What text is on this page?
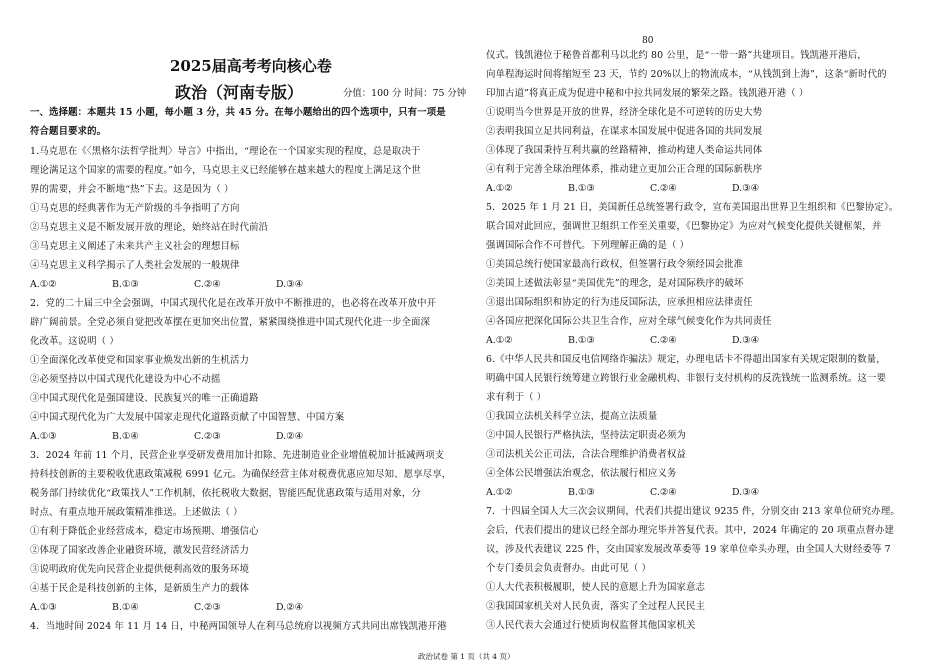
2025届高考考向核心卷
政治（河南专版）	分值：100 分 时间：75 分钟
一、选择题：本题共 15 小题，每小题 3 分，共 45 分。在每小题给出的四个选项中，只有一项是
符合题目要求的。
1.马克思在《〈黑格尔法哲学批判〉导言》中指出，“理论在一个国家实现的程度，总是取决于
理论满足这个国家的需要的程度。”如今，马克思主义已经能够在越来越大的程度上满足这个世
界的需要，并会不断地“热”下去。这是因为（ ）
①马克思的经典著作为无产阶级的斗争指明了方向
②马克思主义是不断发展开放的理论，始终站在时代前沿
③马克思主义阐述了未来共产主义社会的理想目标
④马克思主义科学揭示了人类社会发展的一般规律
A.①②	B.①③	C.②④	D.③④
2．党的二十届三中全会强调，中国式现代化是在改革开放中不断推进的，也必将在改革开放中开
辟广阔前景。全党必须自觉把改革摆在更加突出位置，紧紧围绕推进中国式现代化进一步全面深
化改革。这说明（ ）
①全面深化改革使党和国家事业焕发出新的生机活力
②必须坚持以中国式现代化建设为中心不动摇
③中国式现代化是强国建设、民族复兴的唯一正确道路
④中国式现代化为广大发展中国家走现代化道路贡献了中国智慧、中国方案
A.①③	B.①④	C.②③	D.②④
3．2024 年前 11 个月，民营企业享受研发费用加计扣除、先进制造业企业增值税加计抵减两项支
持科技创新的主要税收优惠政策减税 6991 亿元。为确保经营主体对税费优惠应知尽知、愿享尽享，
税务部门持续优化“政策找人”工作机制，依托税收大数据，智能匹配优惠政策与适用对象，分
时点、有重点地开展政策精准推送。上述做法（ ）
①有利于降低企业经营成本，稳定市场预期、增强信心
②体现了国家改善企业融资环境，激发民营经济活力
③说明政府优先向民营企业提供便利高效的服务环境
④基于民企是科技创新的主体，是新质生产力的载体
A.①③	B.①④	C.②③	D.②④
4．当地时间 2024 年 11 月 14 日，中秘两国领导人在利马总统府以视频方式共同出席钱凯港开港
80
仪式。钱凯港位于秘鲁首都利马以北约 80 公里，是“一带一路”共建项目。钱凯港开港后，
向单程海运时间将缩短至 23 天，节约 20%以上的物流成本，“从钱凯到上海”，这条“新时代的
印加古道”将真正成为促进中秘和中拉共同发展的繁荣之路。钱凯港开港（ ）
①说明当今世界是开放的世界，经济全球化是不可逆转的历史大势
②表明我国立足共同利益，在谋求本国发展中促进各国的共同发展
③体现了我国秉持互利共赢的丝路精神，推动构建人类命运共同体
④有利于完善全球治理体系，推动建立更加公正合理的国际新秩序
A.①②	B.①③	C.②④	D.③④
5．2025 年 1 月 21 日，美国新任总统签署行政令，宣布美国退出世界卫生组织和《巴黎协定》。
联合国对此回应，强调世卫组织工作至关重要，《巴黎协定》为应对气候变化提供关键框架，并
强调国际合作不可替代。下列理解正确的是（ ）
①美国总统行使国家最高行政权，但签署行政令须经国会批准
②美国上述做法彰显“美国优先”的理念，是对国际秩序的破坏
③退出国际组织和协定的行为违反国际法，应承担相应法律责任
④各国应把深化国际公共卫生合作，应对全球气候变化作为共同责任
A.①②	B.①③	C.②④	D.③④
6.《中华人民共和国反电信网络诈骗法》规定，办理电话卡不得超出国家有关规定限制的数量，
明确中国人民银行统筹建立跨银行业金融机构、非银行支付机构的反洗钱统一监测系统。这一要
求有利于（ ）
①我国立法机关科学立法，提高立法质量
②中国人民银行严格执法，坚持法定职责必须为
③司法机关公正司法，合法合理维护消费者权益
④全体公民增强法治观念，依法履行相应义务
A.①②	B.①③	C.②④	D.③④
7．十四届全国人大三次会议期间，代表们共提出建议 9235 件，分别交由 213 家单位研究办理。
会后，代表们提出的建议已经全部办理完毕并答复代表。其中，2024 年确定的 20 项重点督办建
议，涉及代表建议 225 件，交由国家发展改革委等 19 家单位牵头办理，由全国人大财经委等 7
个专门委员会负责督办。由此可见（ ）
①人大代表积极履职，使人民的意愿上升为国家意志
②我国国家机关对人民负责，落实了全过程人民民主
③人民代表大会通过行使质询权监督其他国家机关
政治试卷 第 1 页（共 4 页）
